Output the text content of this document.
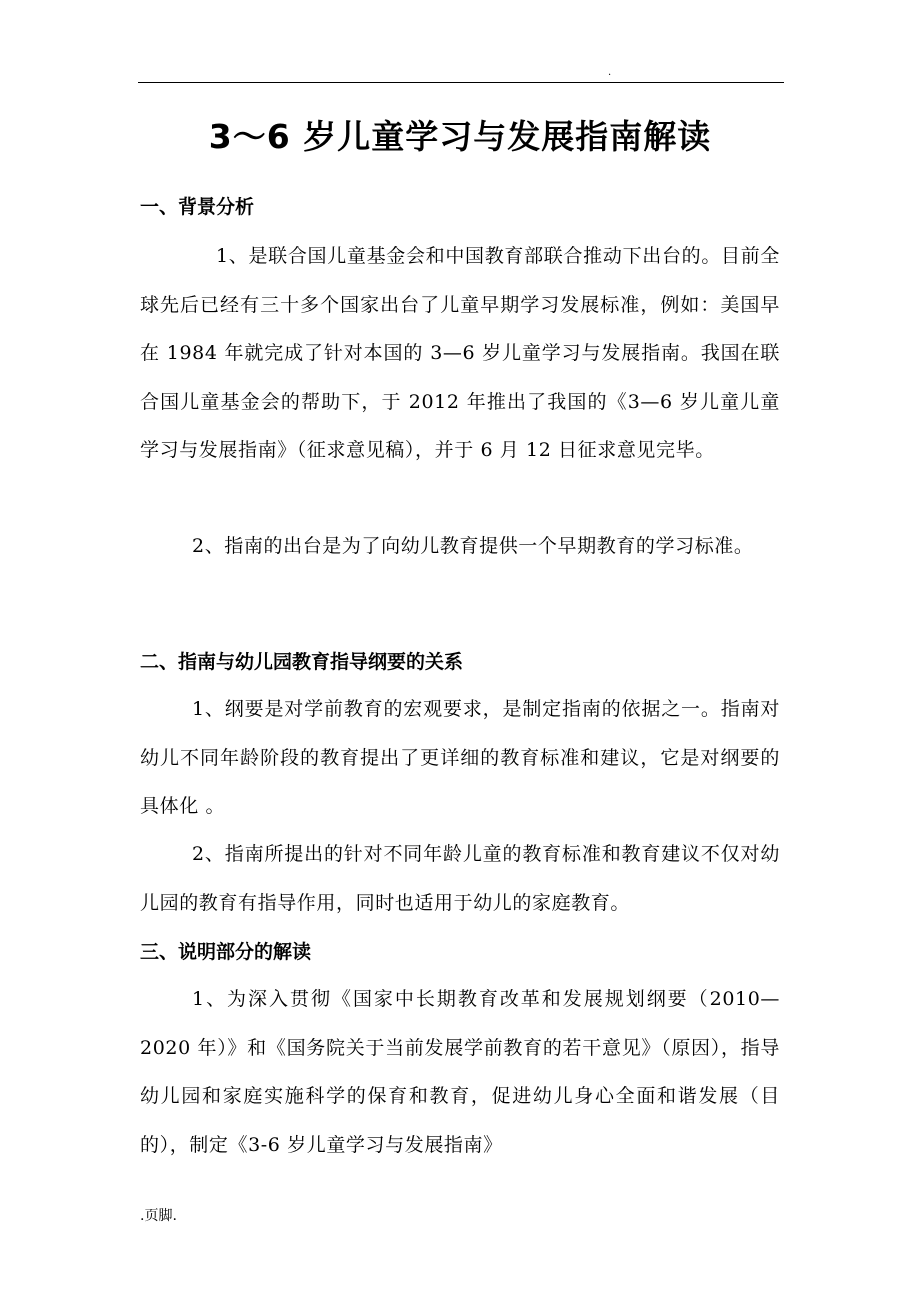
.
3～6 岁儿童学习与发展指南解读
一、背景分析
1、是联合国儿童基金会和中国教育部联合推动下出台的。目前全球先后已经有三十多个国家出台了儿童早期学习发展标准，例如：美国早在 1984 年就完成了针对本国的 3—6 岁儿童学习与发展指南。我国在联合国儿童基金会的帮助下，于 2012 年推出了我国的《3—6 岁儿童儿童学习与发展指南》（征求意见稿），并于 6 月 12 日征求意见完毕。
2、指南的出台是为了向幼儿教育提供一个早期教育的学习标准。
二、指南与幼儿园教育指导纲要的关系
1、纲要是对学前教育的宏观要求，是制定指南的依据之一。指南对幼儿不同年龄阶段的教育提出了更详细的教育标准和建议，它是对纲要的具体化 。
2、指南所提出的针对不同年龄儿童的教育标准和教育建议不仅对幼儿园的教育有指导作用，同时也适用于幼儿的家庭教育。
三、说明部分的解读
1、为深入贯彻《国家中长期教育改革和发展规划纲要（2010—2020 年）》和《国务院关于当前发展学前教育的若干意见》（原因），指导幼儿园和家庭实施科学的保育和教育，促进幼儿身心全面和谐发展（目的），制定《3-6 岁儿童学习与发展指南》
.页脚.
